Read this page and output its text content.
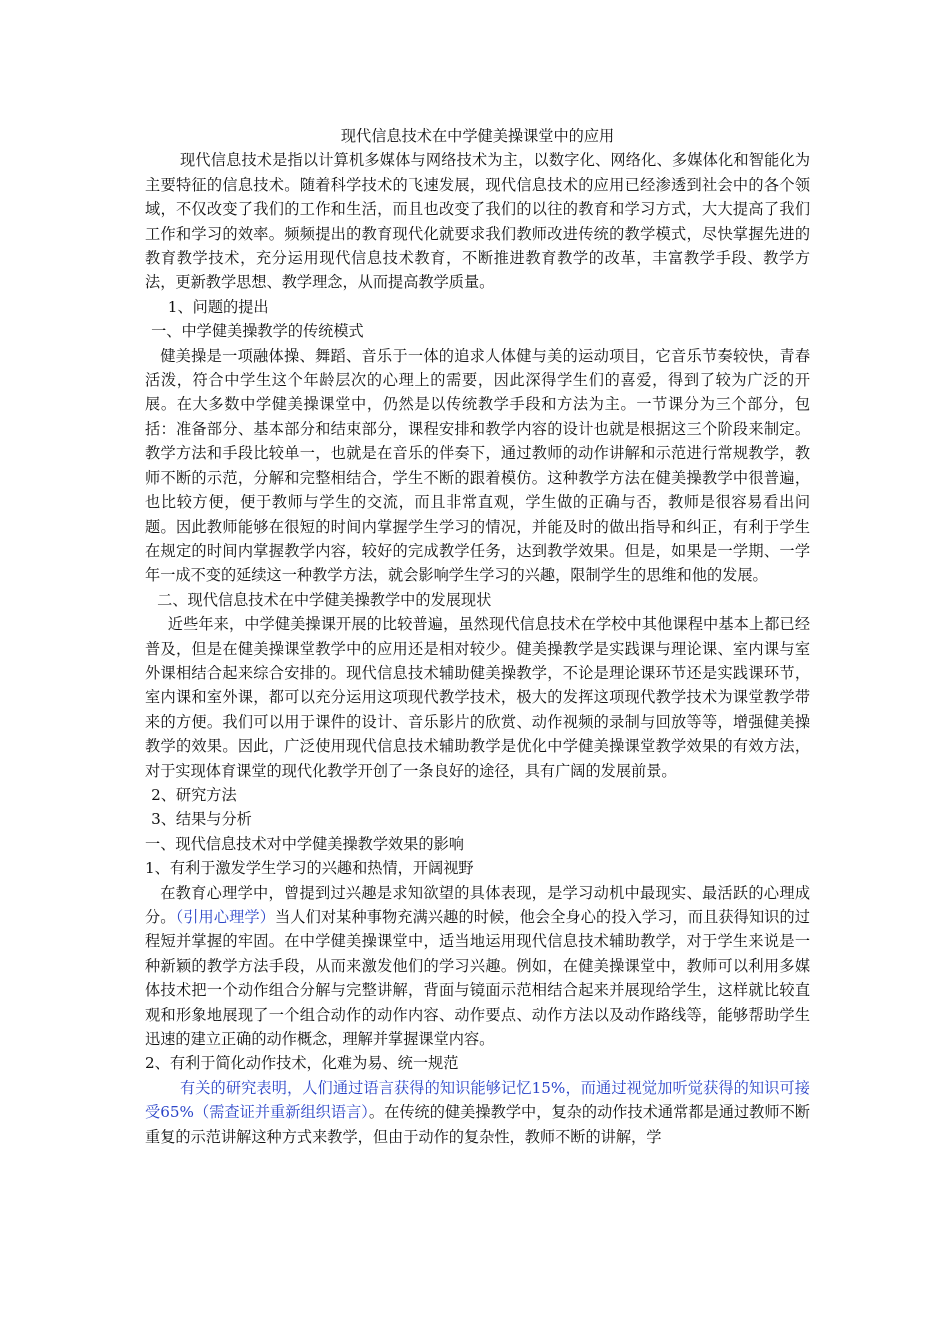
现代信息技术在中学健美操课堂中的应用

现代信息技术是指以计算机多媒体与网络技术为主，以数字化、网络化、多媒体化和智能化为主要特征的信息技术。随着科学技术的飞速发展，现代信息技术的应用已经渗透到社会中的各个领域，不仅改变了我们的工作和生活，而且也改变了我们的以往的教育和学习方式，大大提高了我们工作和学习的效率。频频提出的教育现代化就要求我们教师改进传统的教学模式，尽快掌握先进的教育教学技术，充分运用现代信息技术教育，不断推进教育教学的改革，丰富教学手段、教学方法，更新教学思想、教学理念，从而提高教学质量。

1、问题的提出

一、中学健美操教学的传统模式

健美操是一项融体操、舞蹈、音乐于一体的追求人体健与美的运动项目，它音乐节奏较快，青春活泼，符合中学生这个年龄层次的心理上的需要，因此深得学生们的喜爱，得到了较为广泛的开展。在大多数中学健美操课堂中，仍然是以传统教学手段和方法为主。一节课分为三个部分，包括：准备部分、基本部分和结束部分，课程安排和教学内容的设计也就是根据这三个阶段来制定。教学方法和手段比较单一，也就是在音乐的伴奏下，通过教师的动作讲解和示范进行常规教学，教师不断的示范，分解和完整相结合，学生不断的跟着模仿。这种教学方法在健美操教学中很普遍，也比较方便，便于教师与学生的交流，而且非常直观，学生做的正确与否，教师是很容易看出问题。因此教师能够在很短的时间内掌握学生学习的情况，并能及时的做出指导和纠正，有利于学生在规定的时间内掌握教学内容，较好的完成教学任务，达到教学效果。但是，如果是一学期、一学年一成不变的延续这一种教学方法，就会影响学生学习的兴趣，限制学生的思维和他的发展。

二、现代信息技术在中学健美操教学中的发展现状

近些年来，中学健美操课开展的比较普遍，虽然现代信息技术在学校中其他课程中基本上都已经普及，但是在健美操课堂教学中的应用还是相对较少。健美操教学是实践课与理论课、室内课与室外课相结合起来综合安排的。现代信息技术辅助健美操教学，不论是理论课环节还是实践课环节，室内课和室外课，都可以充分运用这项现代教学技术，极大的发挥这项现代教学技术为课堂教学带来的方便。我们可以用于课件的设计、音乐影片的欣赏、动作视频的录制与回放等等，增强健美操教学的效果。因此，广泛使用现代信息技术辅助教学是优化中学健美操课堂教学效果的有效方法，对于实现体育课堂的现代化教学开创了一条良好的途径，具有广阔的发展前景。

2、研究方法

3、结果与分析

一、现代信息技术对中学健美操教学效果的影响

1、有利于激发学生学习的兴趣和热情，开阔视野

在教育心理学中，曾提到过兴趣是求知欲望的具体表现，是学习动机中最现实、最活跃的心理成分。（引用心理学）当人们对某种事物充满兴趣的时候，他会全身心的投入学习，而且获得知识的过程短并掌握的牢固。在中学健美操课堂中，适当地运用现代信息技术辅助教学，对于学生来说是一种新颖的教学方法手段，从而来激发他们的学习兴趣。例如，在健美操课堂中，教师可以利用多媒体技术把一个动作组合分解与完整讲解，背面与镜面示范相结合起来并展现给学生，这样就比较直观和形象地展现了一个组合动作的动作内容、动作要点、动作方法以及动作路线等，能够帮助学生迅速的建立正确的动作概念，理解并掌握课堂内容。

2、有利于简化动作技术，化难为易、统一规范

有关的研究表明，人们通过语言获得的知识能够记忆15%，而通过视觉加听觉获得的知识可接受65%（需查证并重新组织语言）。在传统的健美操教学中，复杂的动作技术通常都是通过教师不断重复的示范讲解这种方式来教学，但由于动作的复杂性，教师不断的讲解，学
